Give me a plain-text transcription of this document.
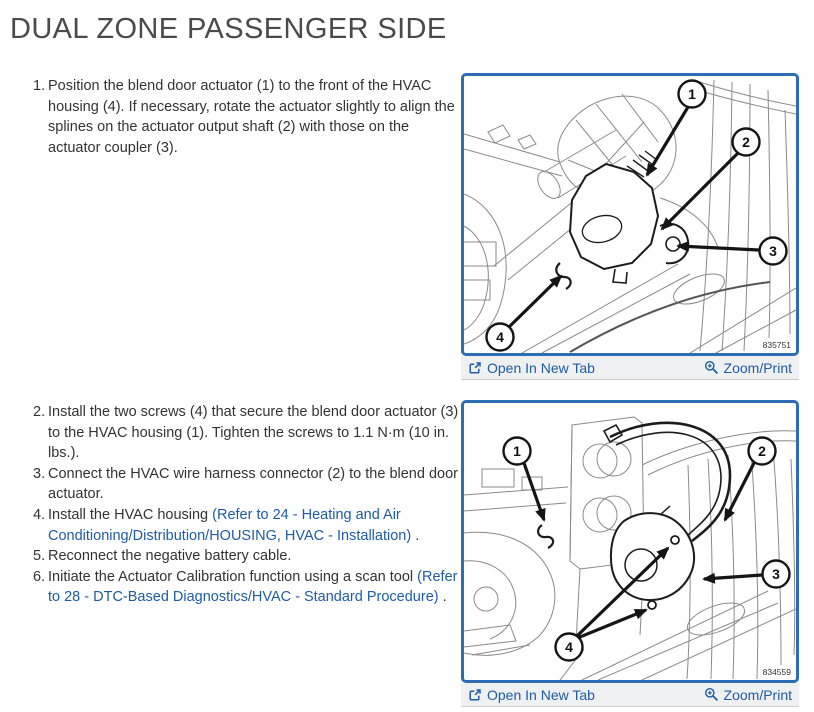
DUAL ZONE PASSENGER SIDE
1. Position the blend door actuator (1) to the front of the HVAC housing (4). If necessary, rotate the actuator slightly to align the splines on the actuator output shaft (2) with those on the actuator coupler (3).
2. Install the two screws (4) that secure the blend door actuator (3) to the HVAC housing (1). Tighten the screws to 1.1 N·m (10 in. lbs.).
3. Connect the HVAC wire harness connector (2) to the blend door actuator.
4. Install the HVAC housing (Refer to 24 - Heating and Air Conditioning/Distribution/HOUSING, HVAC - Installation) .
5. Reconnect the negative battery cable.
6. Initiate the Actuator Calibration function using a scan tool (Refer to 28 - DTC-Based Diagnostics/HVAC - Standard Procedure) .
1
2
3
4	835751
Open In New Tab	Zoom/Print
1	2
3
4
834559
Open In New Tab	Zoom/Print
